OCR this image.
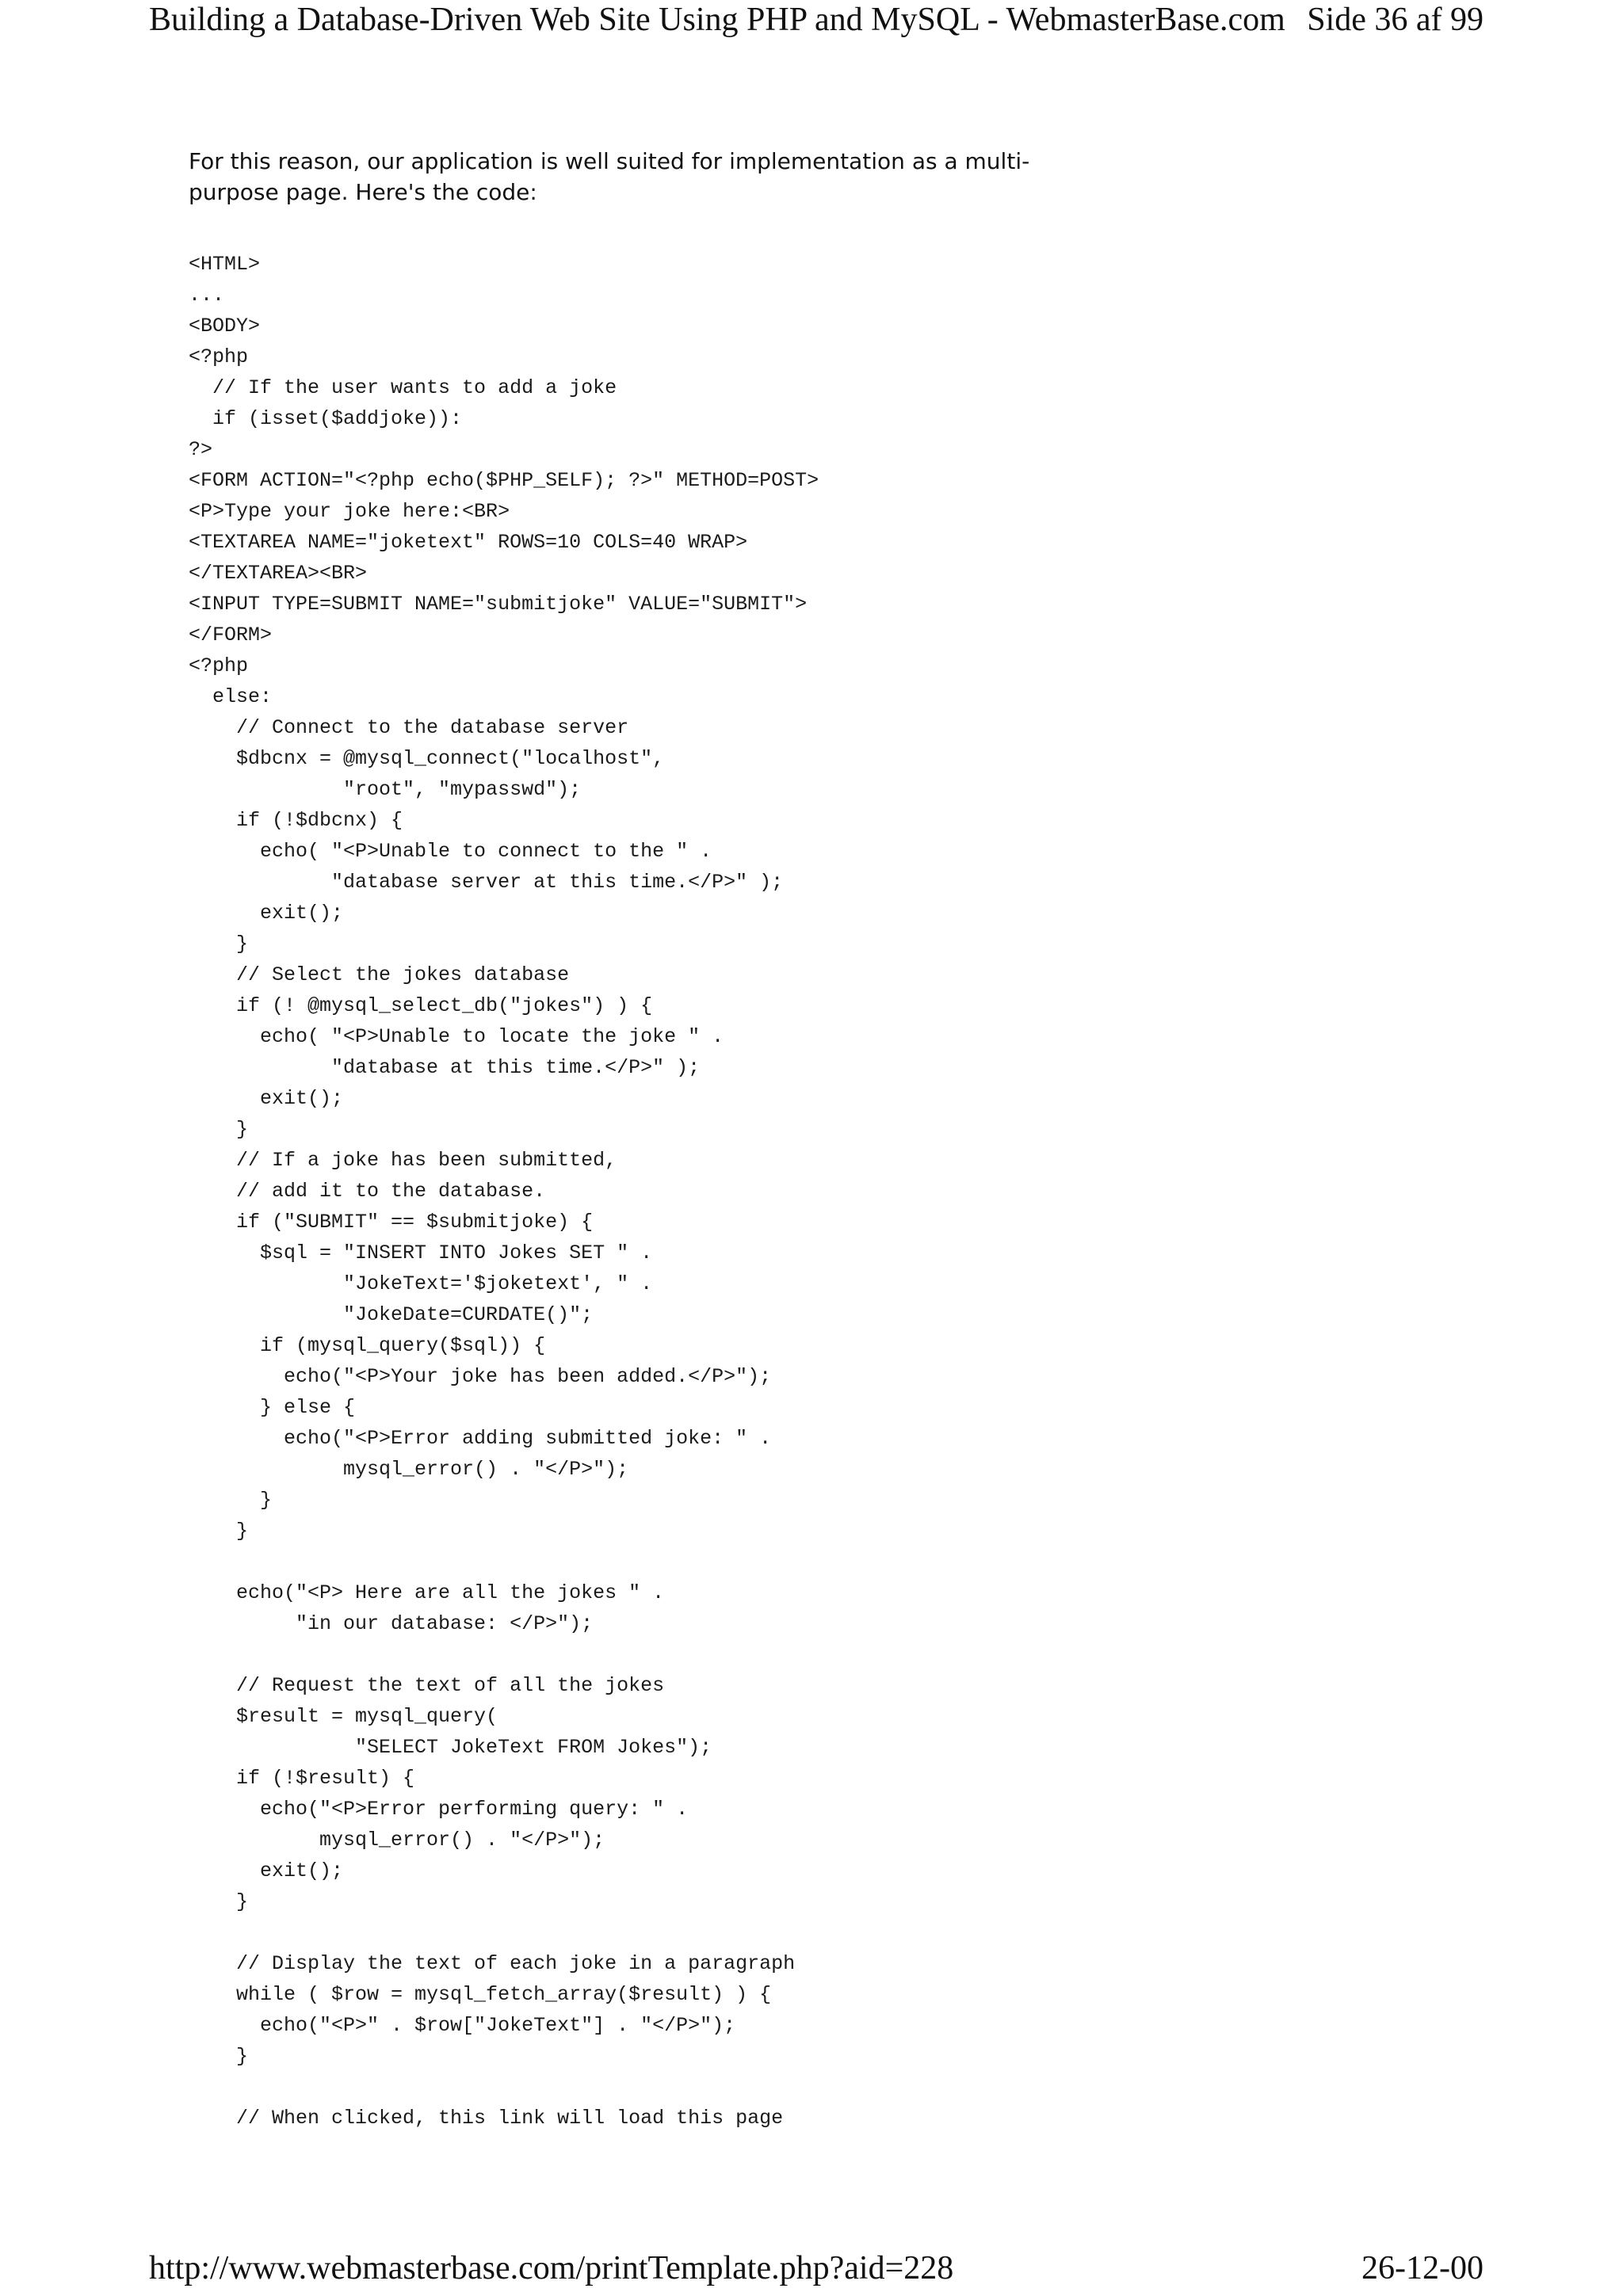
Building a Database-Driven Web Site Using PHP and MySQL - WebmasterBase.com Side 36 af 99

For this reason, our application is well suited for implementation as a multi-

purpose page. Here's the code:

<HTML>
...
<BODY>
<?php
// If the user wants to add a joke
if (isset($addjoke)):
?>
<FORM ACTION="<?php echo($PHP_SELF); ?>" METHOD=POST>
<P>Type your joke here:<BR>
<TEXTAREA NAME="joketext" ROWS=10 COLS=40 WRAP>
</TEXTAREA><BR>
<INPUT TYPE=SUBMIT NAME="submitjoke" VALUE="SUBMIT">
</FORM>
<?php
else:
// Connect to the database server
$dbcnx = @mysql_connect("localhost",
"root", "mypasswd");
if (!$dbcnx) {
echo( "<P>Unable to connect to the " .
"database server at this time.</P>" );
exit();
}
// Select the jokes database
if (! @mysql_select_db("jokes") ) {
echo( "<P>Unable to locate the joke " .
"database at this time.</P>" );
exit();
}
// If a joke has been submitted,
// add it to the database.
if ("SUBMIT" == $submitjoke) {
$sql = "INSERT INTO Jokes SET " .
"JokeText='$joketext', " .
"JokeDate=CURDATE()";
if (mysql_query($sql)) {
echo("<P>Your joke has been added.</P>");
} else {
echo("<P>Error adding submitted joke: " .
mysql_error() . "</P>");
}
}
echo("<P> Here are all the jokes " .
"in our database: </P>");
// Request the text of all the jokes
$result = mysql_query(
"SELECT JokeText FROM Jokes");
if (!$result) {
echo("<P>Error performing query: " .
mysql_error() . "</P>");
exit();
}
// Display the text of each joke in a paragraph
while ( $row = mysql_fetch_array($result) ) {
echo("<P>" . $row["JokeText"] . "</P>");
}
// When clicked, this link will load this page
http://www.webmasterbase.com/printTemplate.php?aid=228	26-12-00
